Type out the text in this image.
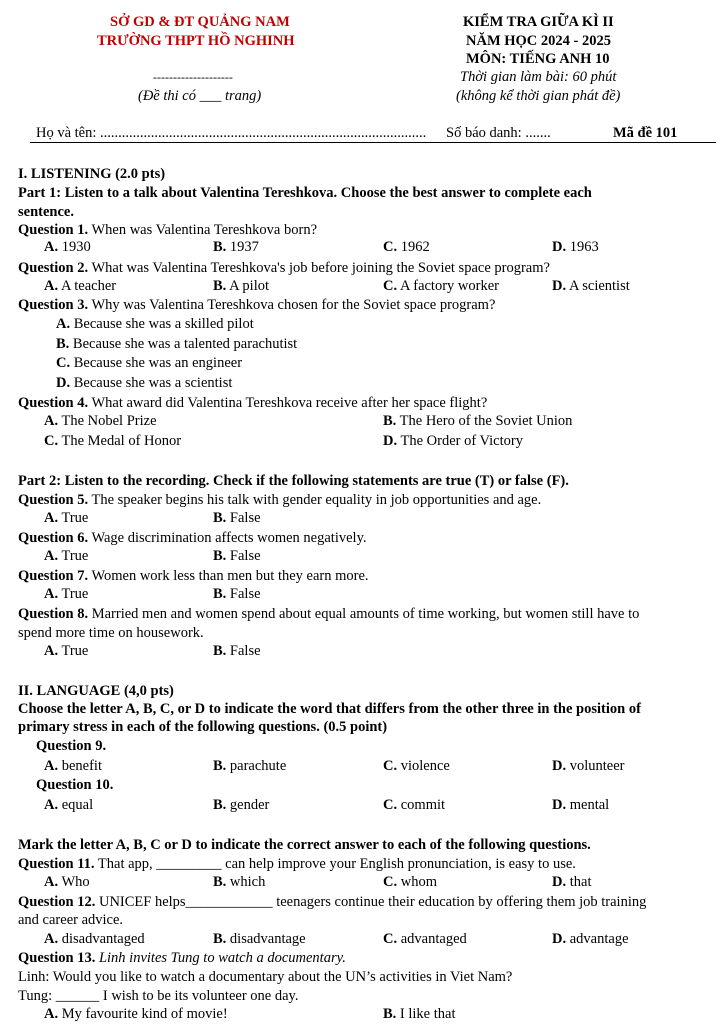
SỞ GD & ĐT QUẢNG NAM
TRƯỜNG THPT HỒ NGHINH
--------------------
(Đề thi có ___ trang)
KIỂM TRA GIỮA KÌ II
NĂM HỌC 2024 - 2025
MÔN: TIẾNG ANH 10
Thời gian làm bài: 60 phút
(không kể thời gian phát đề)
Họ và tên: .......................................................................................... Số báo danh: .......	Mã đề 101
I. LISTENING (2.0 pts)
Part 1: Listen to a talk about Valentina Tereshkova. Choose the best answer to complete each
sentence.
Question 1. When was Valentina Tereshkova born?
A. 1930	B. 1937	C. 1962	D. 1963
Question 2. What was Valentina Tereshkova's job before joining the Soviet space program?
A. A teacher	B. A pilot	C. A factory worker	D. A scientist
Question 3. Why was Valentina Tereshkova chosen for the Soviet space program?
A. Because she was a skilled pilot
B. Because she was a talented parachutist
C. Because she was an engineer
D. Because she was a scientist
Question 4. What award did Valentina Tereshkova receive after her space flight?
A. The Nobel Prize	B. The Hero of the Soviet Union
C. The Medal of Honor	D. The Order of Victory
Part 2: Listen to the recording. Check if the following statements are true (T) or false (F).
Question 5. The speaker begins his talk with gender equality in job opportunities and age.
A. True	B. False
Question 6. Wage discrimination affects women negatively.
A. True	B. False
Question 7. Women work less than men but they earn more.
A. True	B. False
Question 8. Married men and women spend about equal amounts of time working, but women still have to
spend more time on housework.
A. True	B. False
II. LANGUAGE (4,0 pts)
Choose the letter A, B, C, or D to indicate the word that differs from the other three in the position of
primary stress in each of the following questions. (0.5 point)
Question 9.
A. benefit	B. parachute	C. violence	D. volunteer
Question 10.
A. equal	B. gender	C. commit	D. mental
Mark the letter A, B, C or D to indicate the correct answer to each of the following questions.
Question 11. That app, _________ can help improve your English pronunciation, is easy to use.
A. Who	B. which	C. whom	D. that
Question 12. UNICEF helps____________ teenagers continue their education by offering them job training
and career advice.
A. disadvantaged	B. disadvantage	C. advantaged	D. advantage
Question 13. Linh invites Tung to watch a documentary.
Linh: Would you like to watch a documentary about the UN’s activities in Viet Nam?
Tung: ______ I wish to be its volunteer one day.
A. My favourite kind of movie!	B. I like that
